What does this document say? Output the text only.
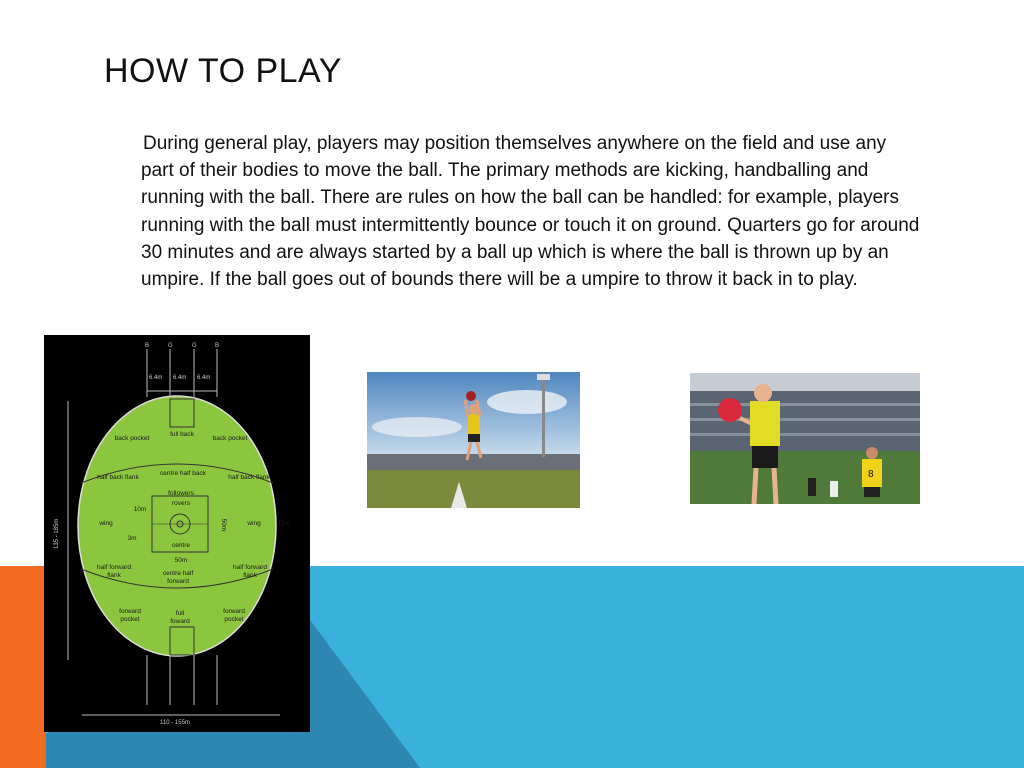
HOW TO PLAY

During general play, players may position themselves anywhere on the field and use any part of their bodies to move the ball. The primary methods are kicking, handballing and running with the ball. There are rules on how the ball can be handled: for example, players running with the ball must intermittently bounce or touch it on ground. Quarters go for around 30 minutes and are always started by a ball up which is where the ball is thrown up by an umpire. If the ball goes out of bounds there will be a umpire to throw it back in to play.

B	G	G	B
6.4m 6.4m 6.4m
135 - 185m
110 - 155m
full back
back pocket	back pocket
centre half back
half back flank	half back flank
followers
rovers
wing	wing
10m
3m
centre
50m
50m	15m
centre half forward
half forward flank
half forward flank
forward pocket
forward pocket
full foward
8
